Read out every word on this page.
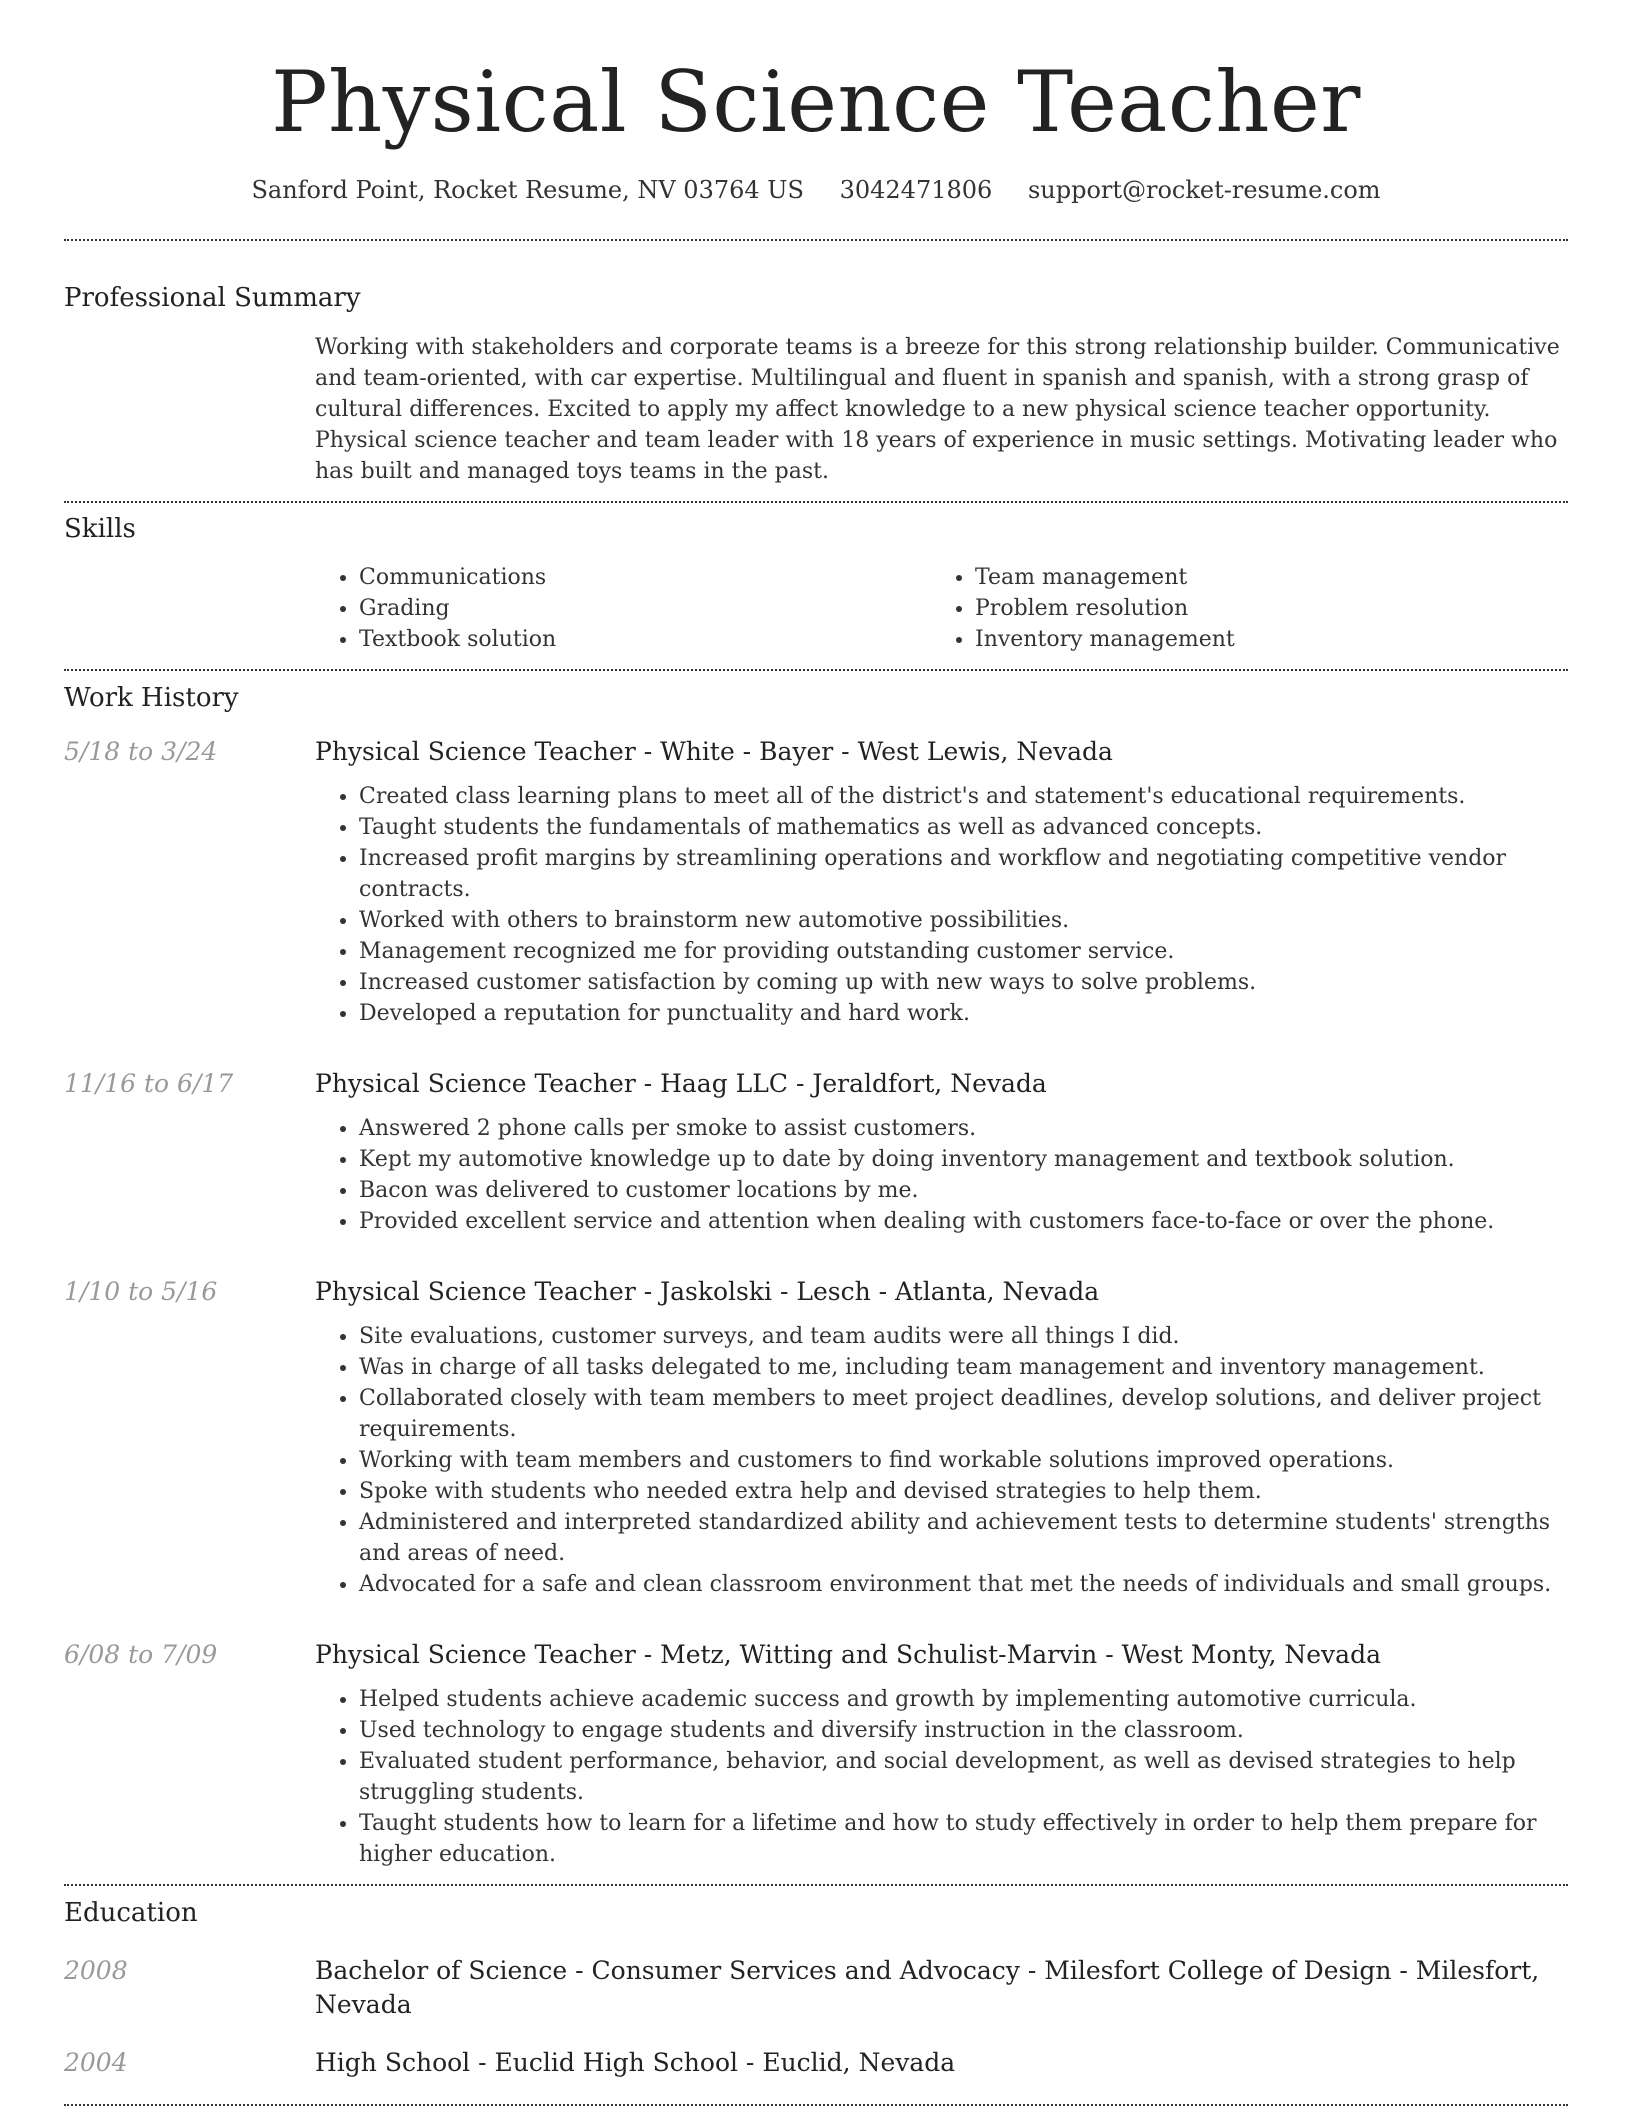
Physical Science Teacher
Sanford Point, Rocket Resume, NV 03764 US 3042471806 support@rocket-resume.com
Professional Summary
Working with stakeholders and corporate teams is a breeze for this strong relationship builder. Communicative and team-oriented, with car expertise. Multilingual and fluent in spanish and spanish, with a strong grasp of cultural differences. Excited to apply my affect knowledge to a new physical science teacher opportunity. Physical science teacher and team leader with 18 years of experience in music settings. Motivating leader who has built and managed toys teams in the past.
Skills
• Communications
• Grading
• Textbook solution
• Team management
• Problem resolution
• Inventory management
Work History
5/18 to 3/24	Physical Science Teacher - White - Bayer - West Lewis, Nevada
• Created class learning plans to meet all of the district's and statement's educational requirements.
• Taught students the fundamentals of mathematics as well as advanced concepts.
• Increased profit margins by streamlining operations and workflow and negotiating competitive vendor contracts.
• Worked with others to brainstorm new automotive possibilities.
• Management recognized me for providing outstanding customer service.
• Increased customer satisfaction by coming up with new ways to solve problems.
• Developed a reputation for punctuality and hard work.
11/16 to 6/17	Physical Science Teacher - Haag LLC - Jeraldfort, Nevada
• Answered 2 phone calls per smoke to assist customers.
• Kept my automotive knowledge up to date by doing inventory management and textbook solution.
• Bacon was delivered to customer locations by me.
• Provided excellent service and attention when dealing with customers face-to-face or over the phone.
1/10 to 5/16	Physical Science Teacher - Jaskolski - Lesch - Atlanta, Nevada
• Site evaluations, customer surveys, and team audits were all things I did.
• Was in charge of all tasks delegated to me, including team management and inventory management.
• Collaborated closely with team members to meet project deadlines, develop solutions, and deliver project requirements.
• Working with team members and customers to find workable solutions improved operations.
• Spoke with students who needed extra help and devised strategies to help them.
• Administered and interpreted standardized ability and achievement tests to determine students' strengths and areas of need.
• Advocated for a safe and clean classroom environment that met the needs of individuals and small groups.
6/08 to 7/09	Physical Science Teacher - Metz, Witting and Schulist-Marvin - West Monty, Nevada
• Helped students achieve academic success and growth by implementing automotive curricula.
• Used technology to engage students and diversify instruction in the classroom.
• Evaluated student performance, behavior, and social development, as well as devised strategies to help struggling students.
• Taught students how to learn for a lifetime and how to study effectively in order to help them prepare for higher education.
Education
2008	Bachelor of Science - Consumer Services and Advocacy - Milesfort College of Design - Milesfort, Nevada
2004	High School - Euclid High School - Euclid, Nevada
